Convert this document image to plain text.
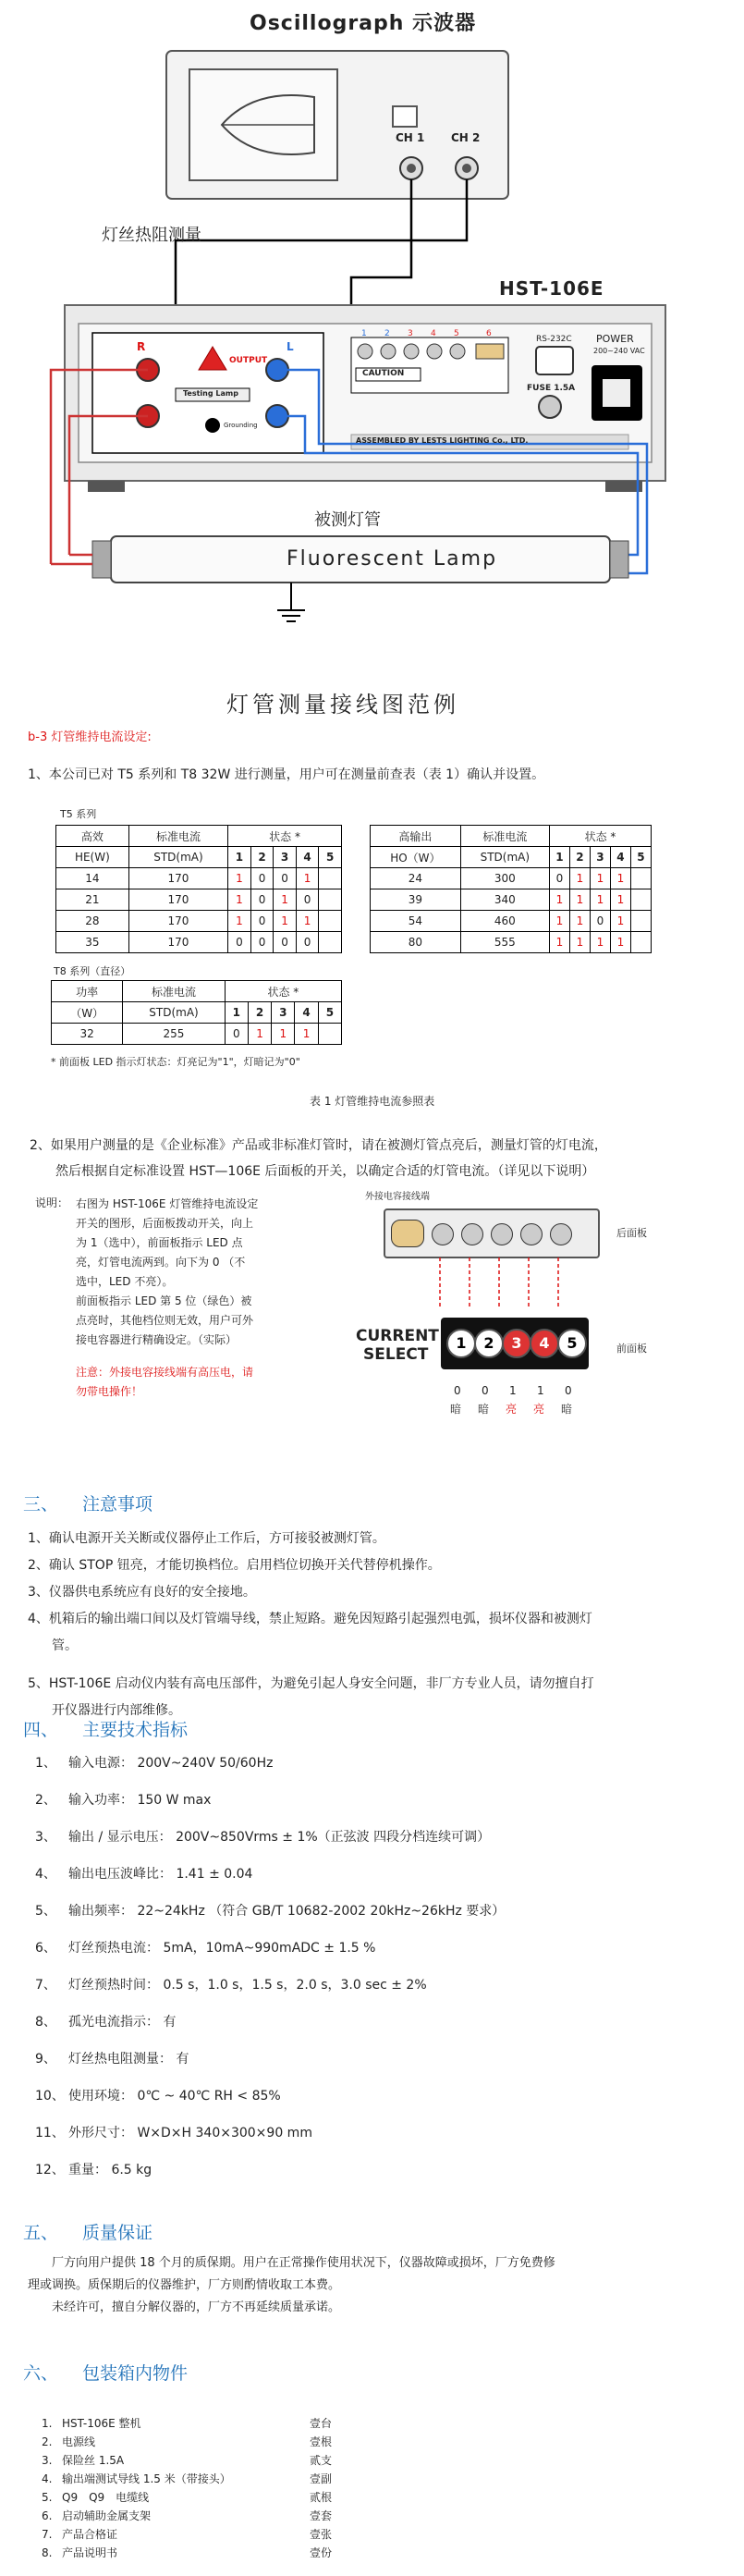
Oscillograph 示波器
CH 1 CH 2
灯丝热阻测量
HST-106E
R	L
OUTPUT
Testing Lamp
Grounding
1 2 3 4 5	6
CAUTION
ASSEMBLED BY LESTS LIGHTING Co., LTD.
RS-232C POWER
200~240 VAC
FUSE 1.5A
被测灯管
Fluorescent Lamp
灯管测量接线图范例
b-3 灯管维持电流设定:
1、本公司已对 T5 系列和 T8 32W 进行测量，用户可在测量前查表（表 1）确认并设置。
T5 系列
高效	标准电流	状态 *				
HE(W)	STD(mA)	1	2	3	4	5
14	170	1	0	0	1	
21	170	1	0	1	0	
28	170	1	0	1	1	
35	170	0	0	0	0	
高输出	标准电流	状态 *				
HO（W）	STD(mA)	1	2	3	4	5
24	300	0	1	1	1	
39	340	1	1	1	1	
54	460	1	1	0	1	
80	555	1	1	1	1	
T8 系列（直径）
功率	标准电流	状态 *				
（W）	STD(mA)	1	2	3	4	5
32	255	0	1	1	1	
* 前面板 LED 指示灯状态：灯亮记为"1"，灯暗记为"0"
表 1 灯管维持电流参照表
2、如果用户测量的是《企业标准》产品或非标准灯管时，请在被测灯管点亮后，测量灯管的灯电流，
然后根据自定标准设置 HST—106E 后面板的开关，以确定合适的灯管电流。（详见以下说明）
说明： 右图为 HST-106E 灯管维持电流设定
开关的图形，后面板拨动开关，向上
为 1（选中），前面板指示 LED 点
亮，灯管电流两到。向下为 0 （不
选中，LED 不亮）。
前面板指示 LED 第 5 位（绿色）被
点亮时，其他档位则无效，用户可外
接电容器进行精确设定。（实际）
注意：外接电容接线端有高压电，请
勿带电操作！
外接电容接线端
后面板
CURRENT
SELECT
1	2	3	4	5	前面板
0 0 1 1 0
暗 暗 亮 亮 暗
三、 注意事项
1、确认电源开关关断或仪器停止工作后，方可接驳被测灯管。
2、确认 STOP 钮亮，才能切换档位。启用档位切换开关代替停机操作。
3、仪器供电系统应有良好的安全接地。
4、机箱后的输出端口间以及灯管端导线，禁止短路。避免因短路引起强烈电弧，损坏仪器和被测灯
管。
5、HST-106E 启动仪内装有高电压部件，为避免引起人身安全问题，非厂方专业人员，请勿擅自打
开仪器进行内部维修。
四、 主要技术指标
1、 输入电源： 200V~240V 50/60Hz
2、 输入功率： 150 W max
3、 输出 / 显示电压： 200V~850Vrms ± 1%（正弦波 四段分档连续可调）
4、 输出电压波峰比： 1.41 ± 0.04
5、 输出频率： 22~24kHz （符合 GB/T 10682-2002 20kHz~26kHz 要求）
6、 灯丝预热电流： 5mA，10mA~990mADC ± 1.5 %
7、 灯丝预热时间： 0.5 s，1.0 s，1.5 s，2.0 s，3.0 sec ± 2%
8、 孤光电流指示： 有
9、 灯丝热电阻测量： 有
10、 使用环境： 0℃ ~ 40℃ RH < 85%
11、 外形尺寸： W×D×H 340×300×90 mm
12、 重量： 6.5 kg
五、 质量保证
厂方向用户提供 18 个月的质保期。用户在正常操作使用状况下，仪器故障或损坏，厂方免费修
理或调换。质保期后的仪器维护，厂方则酌情收取工本费。
未经许可，擅自分解仪器的，厂方不再延续质量承诺。
六、 包装箱内物件
1. HST-106E 整机	壹台
2. 电源线	壹根
3. 保险丝 1.5A	贰支
4. 输出端测试导线 1.5 米（带接头）	壹副
5. Q9　Q9　电缆线	贰根
6. 启动辅助金属支架	壹套
7. 产品合格证	壹张
8. 产品说明书	壹份
